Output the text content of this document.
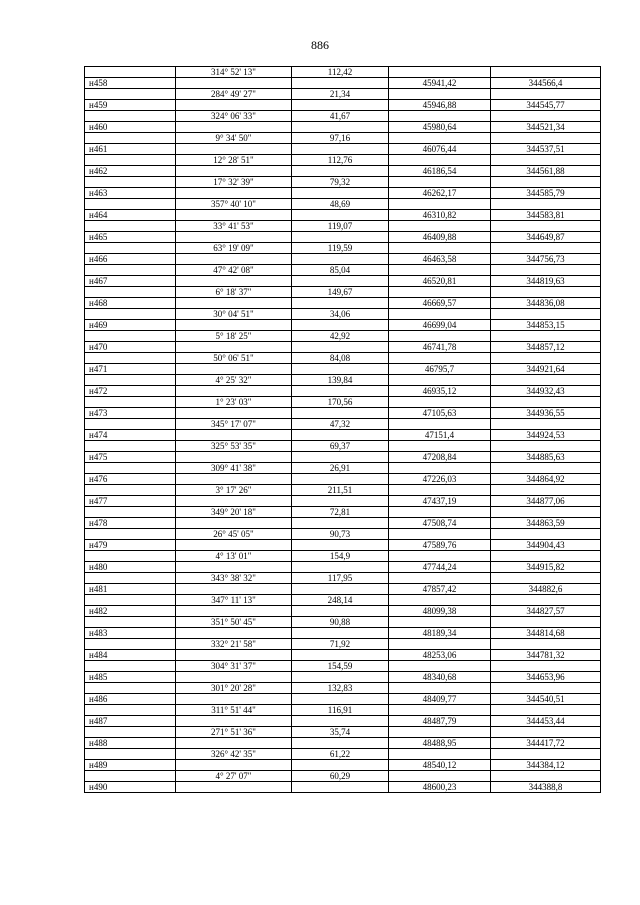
886
	314° 52' 13"	112,42		
н458			45941,42	344566,4
	284° 49' 27"	21,34		
н459			45946,88	344545,77
	324° 06' 33"	41,67		
н460			45980,64	344521,34
	9° 34' 50"	97,16		
н461			46076,44	344537,51
	12° 28' 51"	112,76		
н462			46186,54	344561,88
	17° 32' 39"	79,32		
н463			46262,17	344585,79
	357° 40' 10"	48,69		
н464			46310,82	344583,81
	33° 41' 53"	119,07		
н465			46409,88	344649,87
	63° 19' 09"	119,59		
н466			46463,58	344756,73
	47° 42' 08"	85,04		
н467			46520,81	344819,63
	6° 18' 37"	149,67		
н468			46669,57	344836,08
	30° 04' 51"	34,06		
н469			46699,04	344853,15
	5° 18' 25"	42,92		
н470			46741,78	344857,12
	50° 06' 51"	84,08		
н471			46795,7	344921,64
	4° 25' 32"	139,84		
н472			46935,12	344932,43
	1° 23' 03"	170,56		
н473			47105,63	344936,55
	345° 17' 07"	47,32		
н474			47151,4	344924,53
	325° 53' 35"	69,37		
н475			47208,84	344885,63
	309° 41' 38"	26,91		
н476			47226,03	344864,92
	3° 17' 26"	211,51		
н477			47437,19	344877,06
	349° 20' 18"	72,81		
н478			47508,74	344863,59
	26° 45' 05"	90,73		
н479			47589,76	344904,43
	4° 13' 01"	154,9		
н480			47744,24	344915,82
	343° 38' 32"	117,95		
н481			47857,42	344882,6
	347° 11' 13"	248,14		
н482			48099,38	344827,57
	351° 50' 45"	90,88		
н483			48189,34	344814,68
	332° 21' 58"	71,92		
н484			48253,06	344781,32
	304° 31' 37"	154,59		
н485			48340,68	344653,96
	301° 20' 28"	132,83		
н486			48409,77	344540,51
	311° 51' 44"	116,91		
н487			48487,79	344453,44
	271° 51' 36"	35,74		
н488			48488,95	344417,72
	326° 42' 35"	61,22		
н489			48540,12	344384,12
	4° 27' 07"	60,29		
н490			48600,23	344388,8
